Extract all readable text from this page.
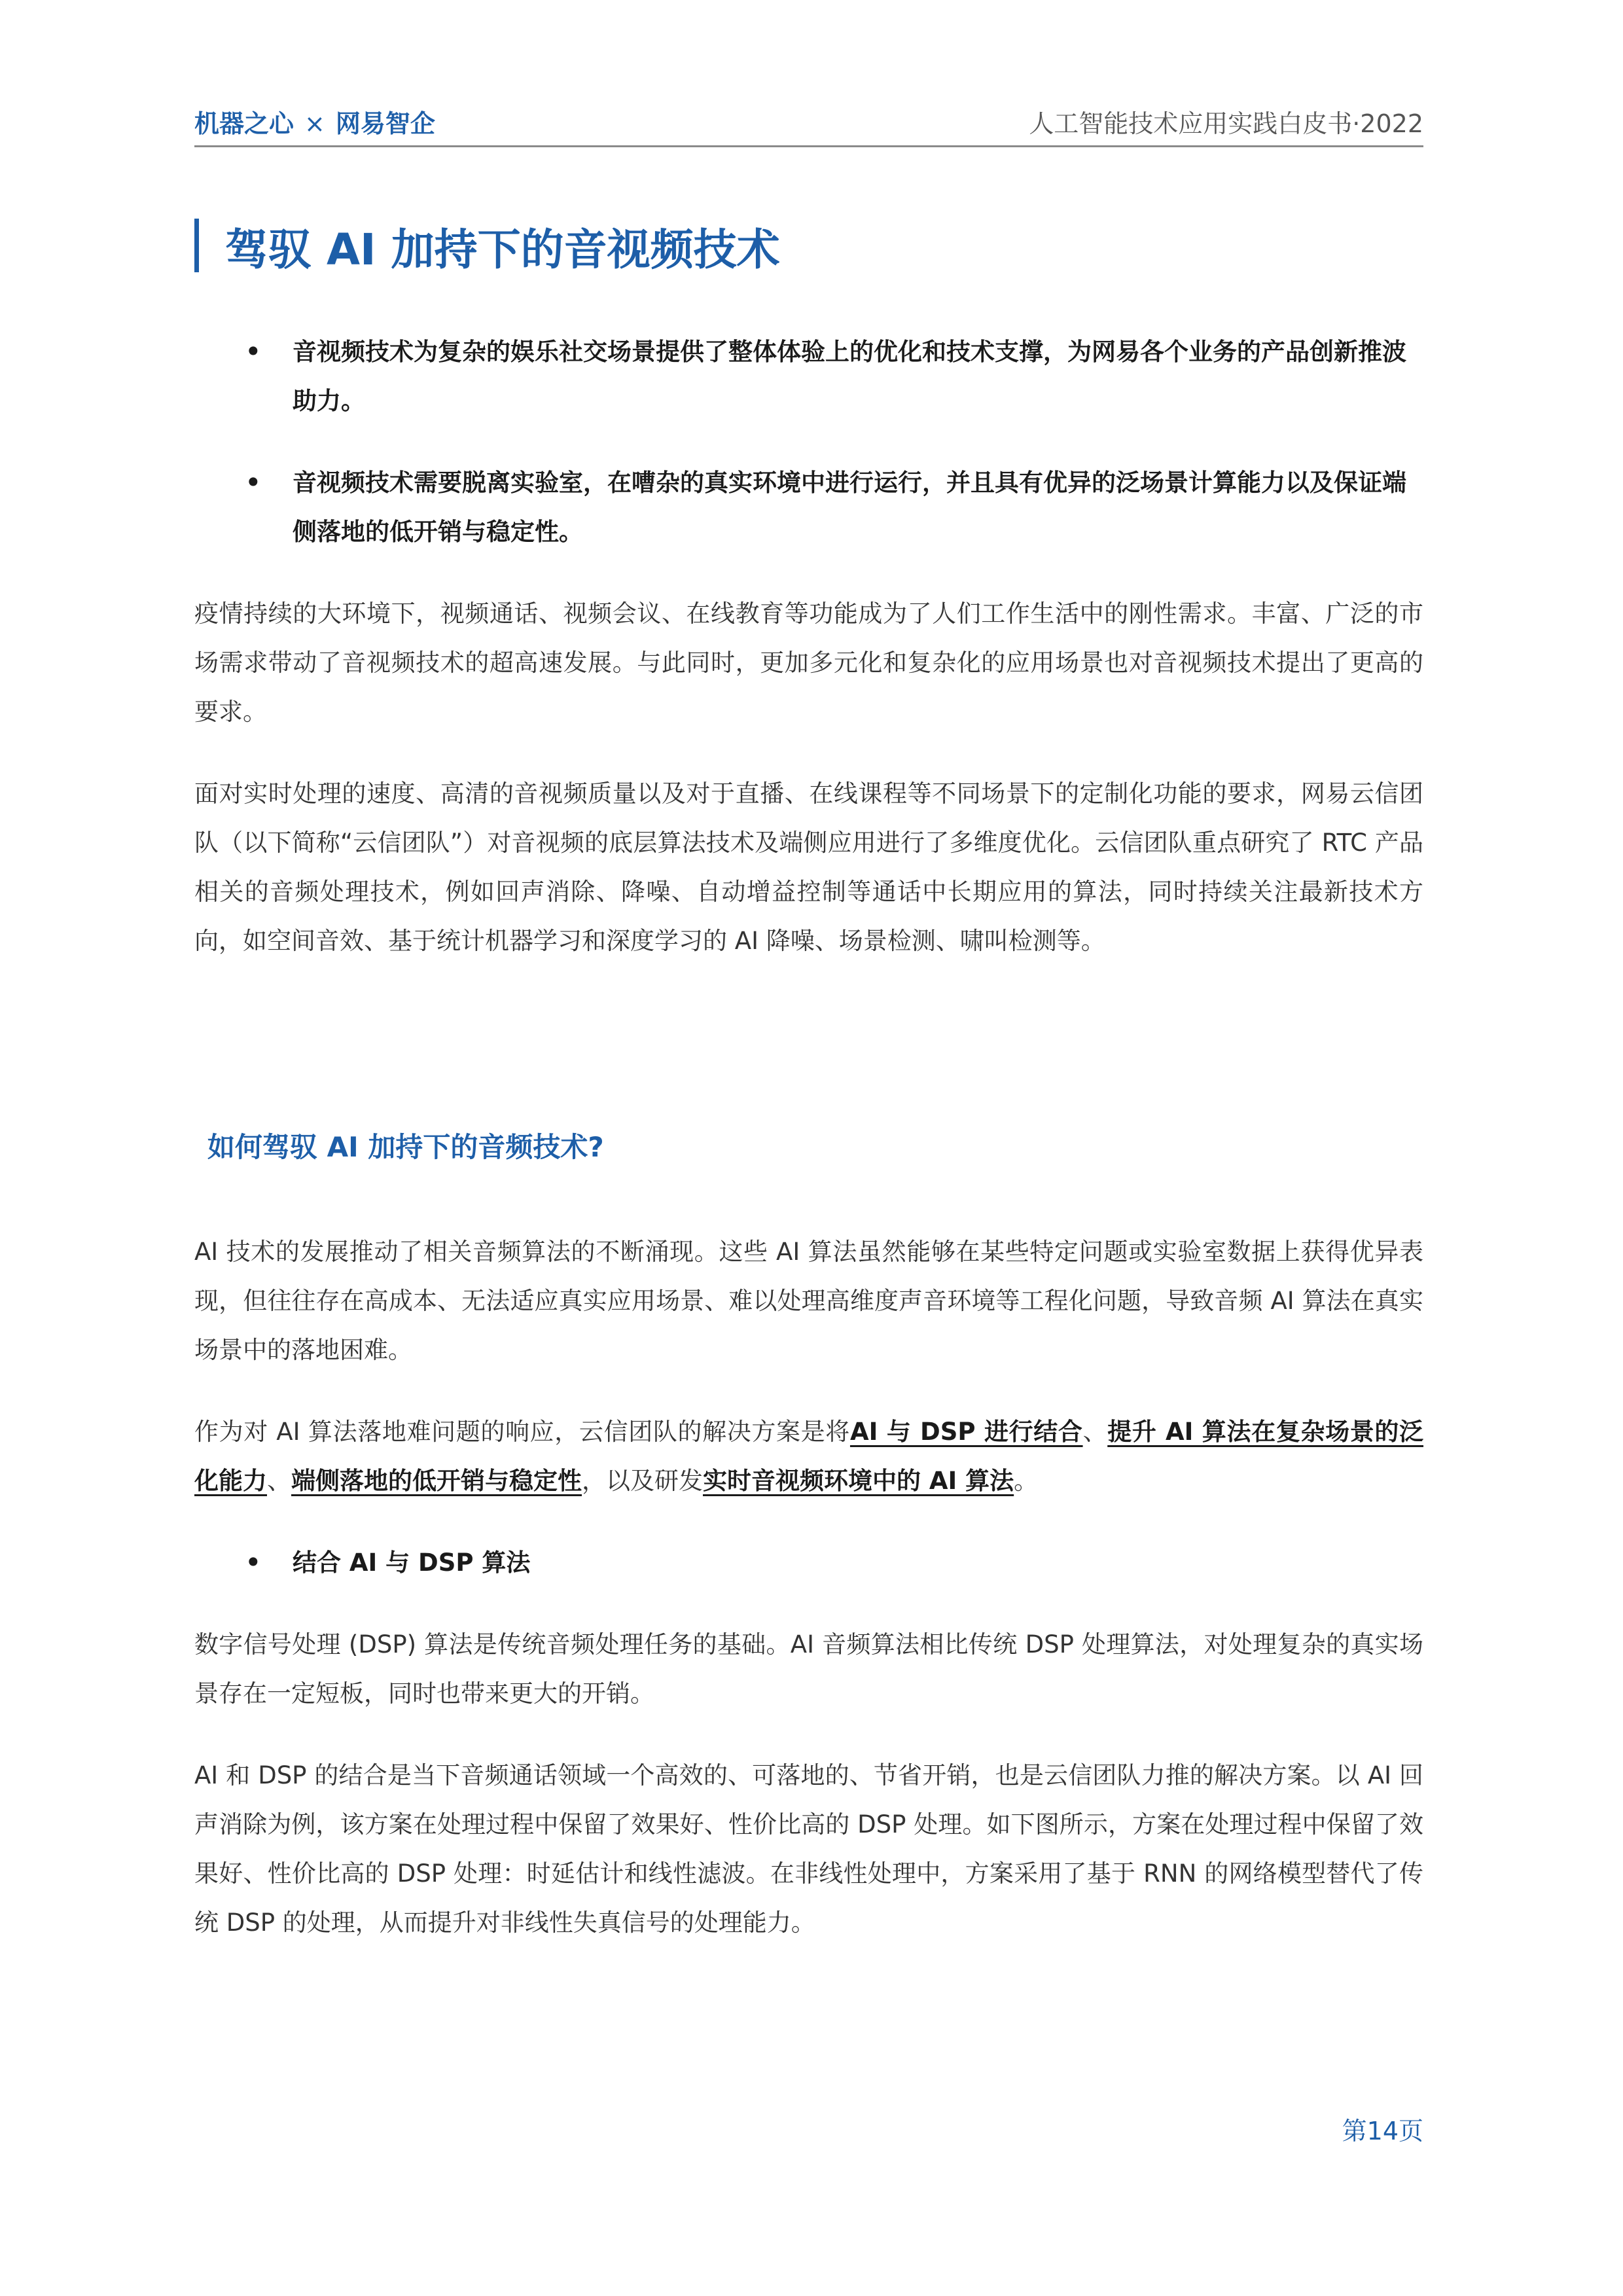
机器之心 × 网易智企	人工智能技术应用实践白皮书·2022
驾驭 AI 加持下的音视频技术
• 音视频技术为复杂的娱乐社交场景提供了整体体验上的优化和技术支撑，为网易各个业务的产品创新推波助力。
• 音视频技术需要脱离实验室，在嘈杂的真实环境中进行运行，并且具有优异的泛场景计算能力以及保证端侧落地的低开销与稳定性。

疫情持续的大环境下，视频通话、视频会议、在线教育等功能成为了人们工作生活中的刚性需求。丰富、广泛的市场需求带动了音视频技术的超高速发展。与此同时，更加多元化和复杂化的应用场景也对音视频技术提出了更高的要求。

面对实时处理的速度、高清的音视频质量以及对于直播、在线课程等不同场景下的定制化功能的要求，网易云信团队（以下简称“云信团队”）对音视频的底层算法技术及端侧应用进行了多维度优化。云信团队重点研究了 RTC 产品相关的音频处理技术，例如回声消除、降噪、自动增益控制等通话中长期应用的算法，同时持续关注最新技术方向，如空间音效、基于统计机器学习和深度学习的 AI 降噪、场景检测、啸叫检测等。

如何驾驭 AI 加持下的音频技术?

AI 技术的发展推动了相关音频算法的不断涌现。这些 AI 算法虽然能够在某些特定问题或实验室数据上获得优异表现，但往往存在高成本、无法适应真实应用场景、难以处理高维度声音环境等工程化问题，导致音频 AI 算法在真实场景中的落地困难。

作为对 AI 算法落地难问题的响应，云信团队的解决方案是将AI 与 DSP 进行结合、提升 AI 算法在复杂场景的泛化能力、端侧落地的低开销与稳定性，以及研发实时音视频环境中的 AI 算法。

• 结合 AI 与 DSP 算法

数字信号处理 (DSP) 算法是传统音频处理任务的基础。AI 音频算法相比传统 DSP 处理算法，对处理复杂的真实场景存在一定短板，同时也带来更大的开销。

AI 和 DSP 的结合是当下音频通话领域一个高效的、可落地的、节省开销，也是云信团队力推的解决方案。以 AI 回声消除为例，该方案在处理过程中保留了效果好、性价比高的 DSP 处理。如下图所示，方案在处理过程中保留了效果好、性价比高的 DSP 处理：时延估计和线性滤波。在非线性处理中，方案采用了基于 RNN 的网络模型替代了传统 DSP 的处理，从而提升对非线性失真信号的处理能力。

第14页
